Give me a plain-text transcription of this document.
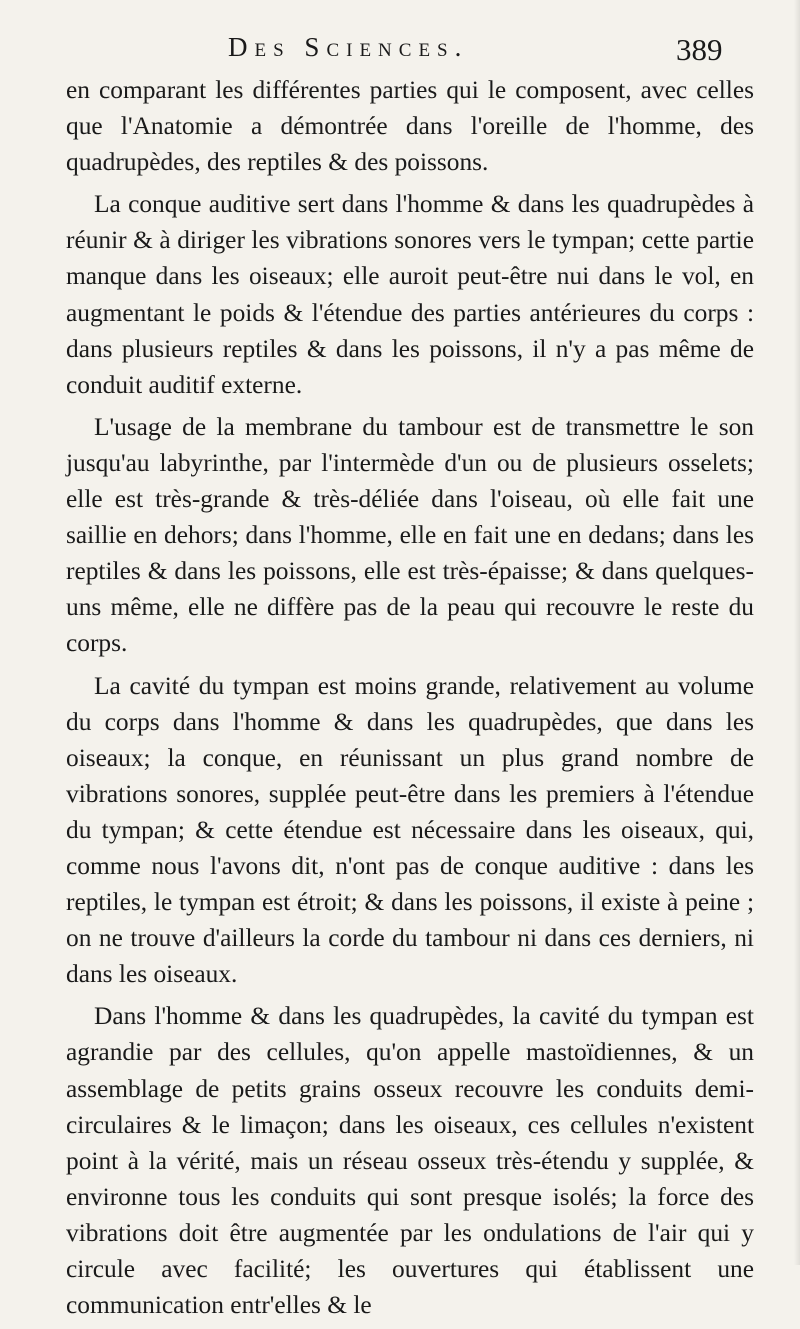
Des Sciences.	389

en comparant les différentes parties qui le composent, avec celles que l'Anatomie a démontrée dans l'oreille de l'homme, des quadrupèdes, des reptiles & des poissons.

La conque auditive sert dans l'homme & dans les quadrupèdes à réunir & à diriger les vibrations sonores vers le tympan; cette partie manque dans les oiseaux; elle auroit peut-être nui dans le vol, en augmentant le poids & l'étendue des parties antérieures du corps : dans plusieurs reptiles & dans les poissons, il n'y a pas même de conduit auditif externe.

L'usage de la membrane du tambour est de transmettre le son jusqu'au labyrinthe, par l'intermède d'un ou de plusieurs osselets; elle est très-grande & très-déliée dans l'oiseau, où elle fait une saillie en dehors; dans l'homme, elle en fait une en dedans; dans les reptiles & dans les poissons, elle est très-épaisse; & dans quelques-uns même, elle ne diffère pas de la peau qui recouvre le reste du corps.

La cavité du tympan est moins grande, relativement au volume du corps dans l'homme & dans les quadrupèdes, que dans les oiseaux; la conque, en réunissant un plus grand nombre de vibrations sonores, supplée peut-être dans les premiers à l'étendue du tympan; & cette étendue est nécessaire dans les oiseaux, qui, comme nous l'avons dit, n'ont pas de conque auditive : dans les reptiles, le tympan est étroit; & dans les poissons, il existe à peine ; on ne trouve d'ailleurs la corde du tambour ni dans ces derniers, ni dans les oiseaux.

Dans l'homme & dans les quadrupèdes, la cavité du tympan est agrandie par des cellules, qu'on appelle mastoïdiennes, & un assemblage de petits grains osseux recouvre les conduits demi-circulaires & le limaçon; dans les oiseaux, ces cellules n'existent point à la vérité, mais un réseau osseux très-étendu y supplée, & environne tous les conduits qui sont presque isolés; la force des vibrations doit être augmentée par les ondulations de l'air qui y circule avec facilité; les ouvertures qui établissent une communication entr'elles & le
